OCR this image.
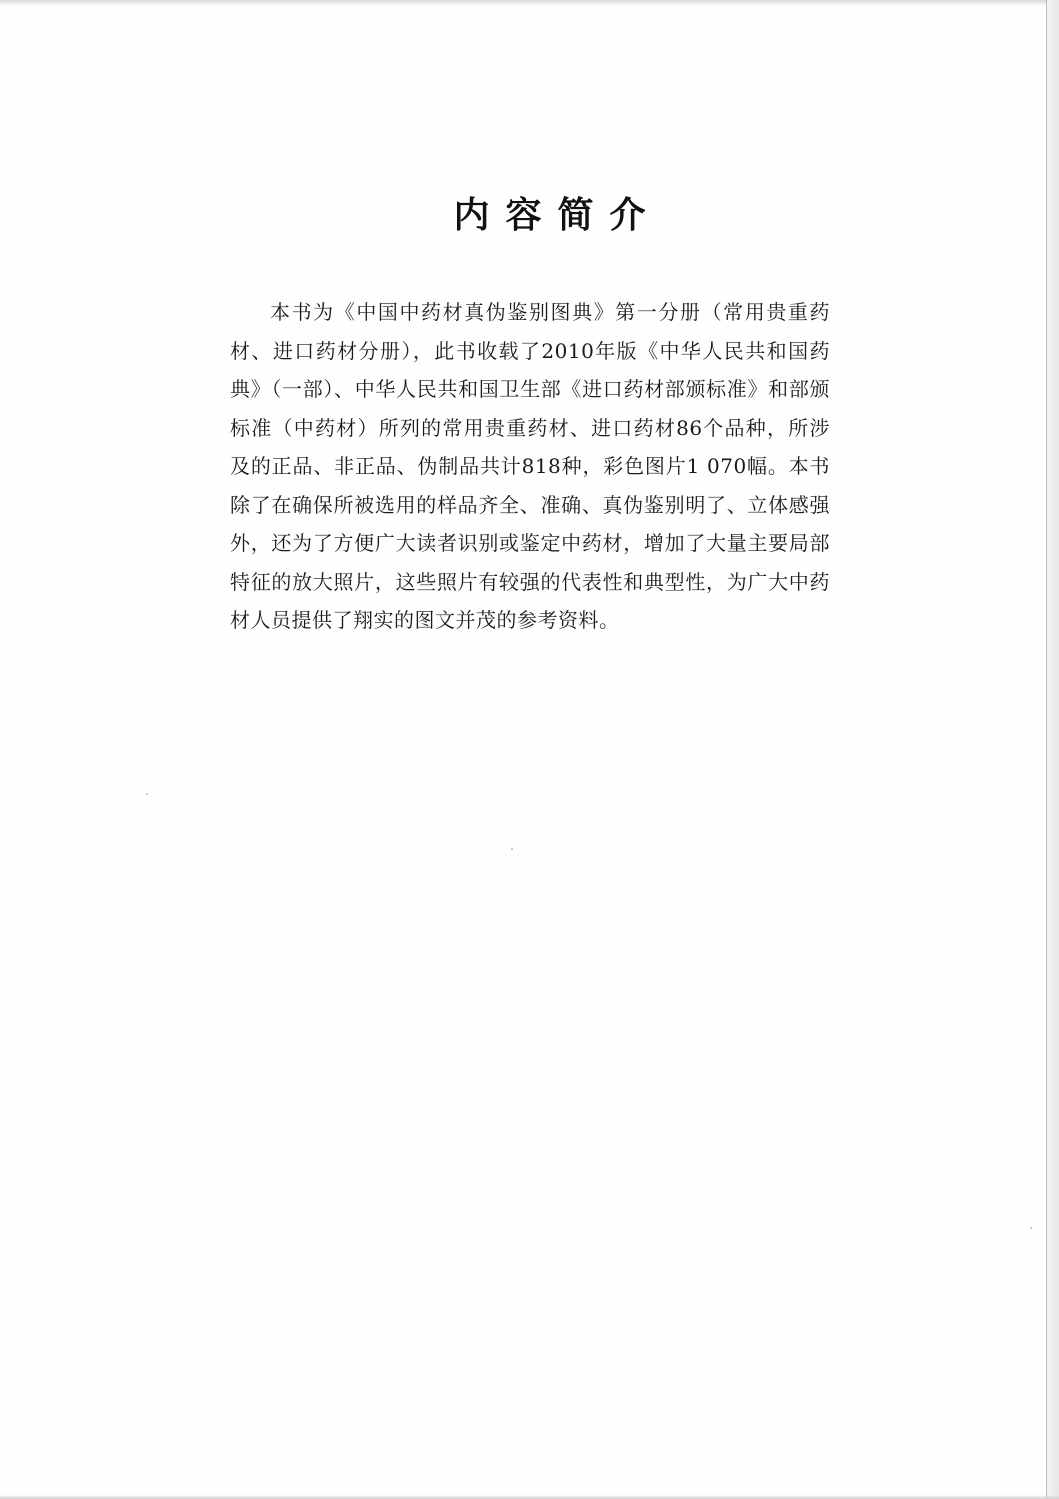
内容简介

本书为《中国中药材真伪鉴别图典》第一分册（常用贵重药材、进口药材分册），此书收载了2010年版《中华人民共和国药典》（一部）、中华人民共和国卫生部《进口药材部颁标准》和部颁标准（中药材）所列的常用贵重药材、进口药材86个品种，所涉及的正品、非正品、伪制品共计818种，彩色图片1 070幅。本书除了在确保所被选用的样品齐全、准确、真伪鉴别明了、立体感强外，还为了方便广大读者识别或鉴定中药材，增加了大量主要局部特征的放大照片，这些照片有较强的代表性和典型性，为广大中药材人员提供了翔实的图文并茂的参考资料。
